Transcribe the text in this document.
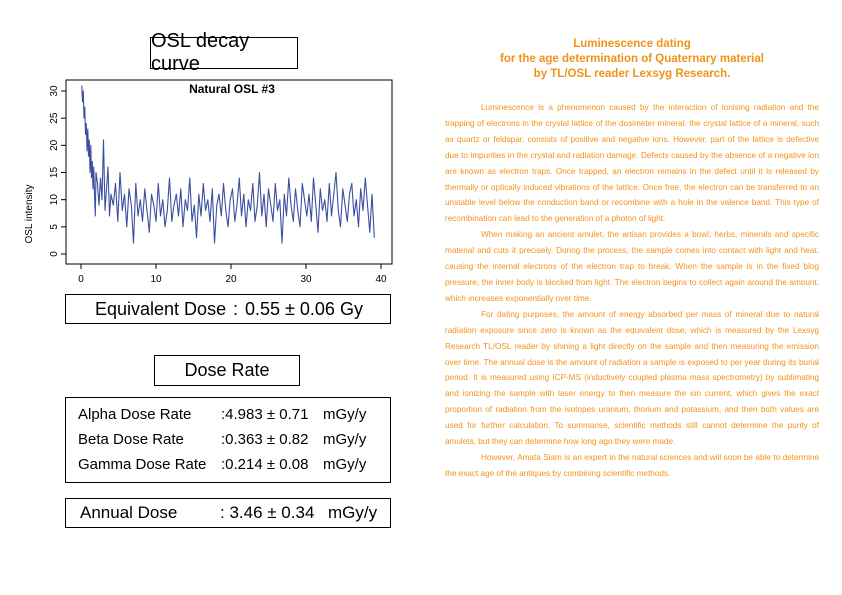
OSL decay curve
Natural OSL #3
OSL intensity
0
5
10
15
20
25
30
0	10	20	30	40
Equivalent Dose : 0.55 ± 0.06 Gy
Dose Rate
Alpha Dose Rate :4.983 ± 0.71 mGy/y
Beta Dose Rate :0.363 ± 0.82 mGy/y
Gamma Dose Rate :0.214 ± 0.08 mGy/y
Annual Dose	: 3.46 ± 0.34 mGy/y
Luminescence dating
for the age determination of Quaternary material
by TL/OSL reader Lexsyg Research.

Luminescence is a phenomenon caused by the interaction of ionising radiation and the trapping of electrons in the crystal lattice of the dosimeter mineral. the crystal lattice of a mineral, such as quartz or feldspar, consists of positive and negative ions. However, part of the lattice is defective due to impurities in the crystal and radiation damage. Defects caused by the absence of a negative ion are known as electron traps. Once trapped, an electron remains in the defect until it is released by thermally or optically induced vibrations of the lattice. Once free, the electron can be transferred to an unstable level below the conduction band or recombine with a hole in the valence band. This type of recombination can lead to the generation of a photon of light.

When making an ancient amulet, the artisan provides a bowl, herbs, minerals and specific material and cuts it precisely. During the process, the sample comes into contact with light and heat, causing the internal electrons of the electron trap to break. When the sample is in the fixed blog pressure, the inner body is blocked from light. The electron begins to collect again around the amount, which increases exponentially over time.

For dating purposes, the amount of energy absorbed per mass of mineral due to natural radiation exposure since zero is known as the equivalent dose, which is measured by the Lexsyg Research TL/OSL reader by shining a light directly on the sample and then measuring the emission over time. The annual dose is the amount of radiation a sample is exposed to per year during its burial period. It is measured using ICP-MS (inductively coupled plasma mass spectrometry) by sublimating and ionizing the sample with laser energy to then measure the ion current, which gives the exact proportion of radiation from the isotopes uranium, thorium and potassium, and then both values are used for further calculation. To summarise, scientific methods still cannot determine the purity of amulets, but they can determine how long ago they were made.

However, Amata Siam is an expert in the natural sciences and will soon be able to determine the exact age of the antiques by combining scientific methods.
